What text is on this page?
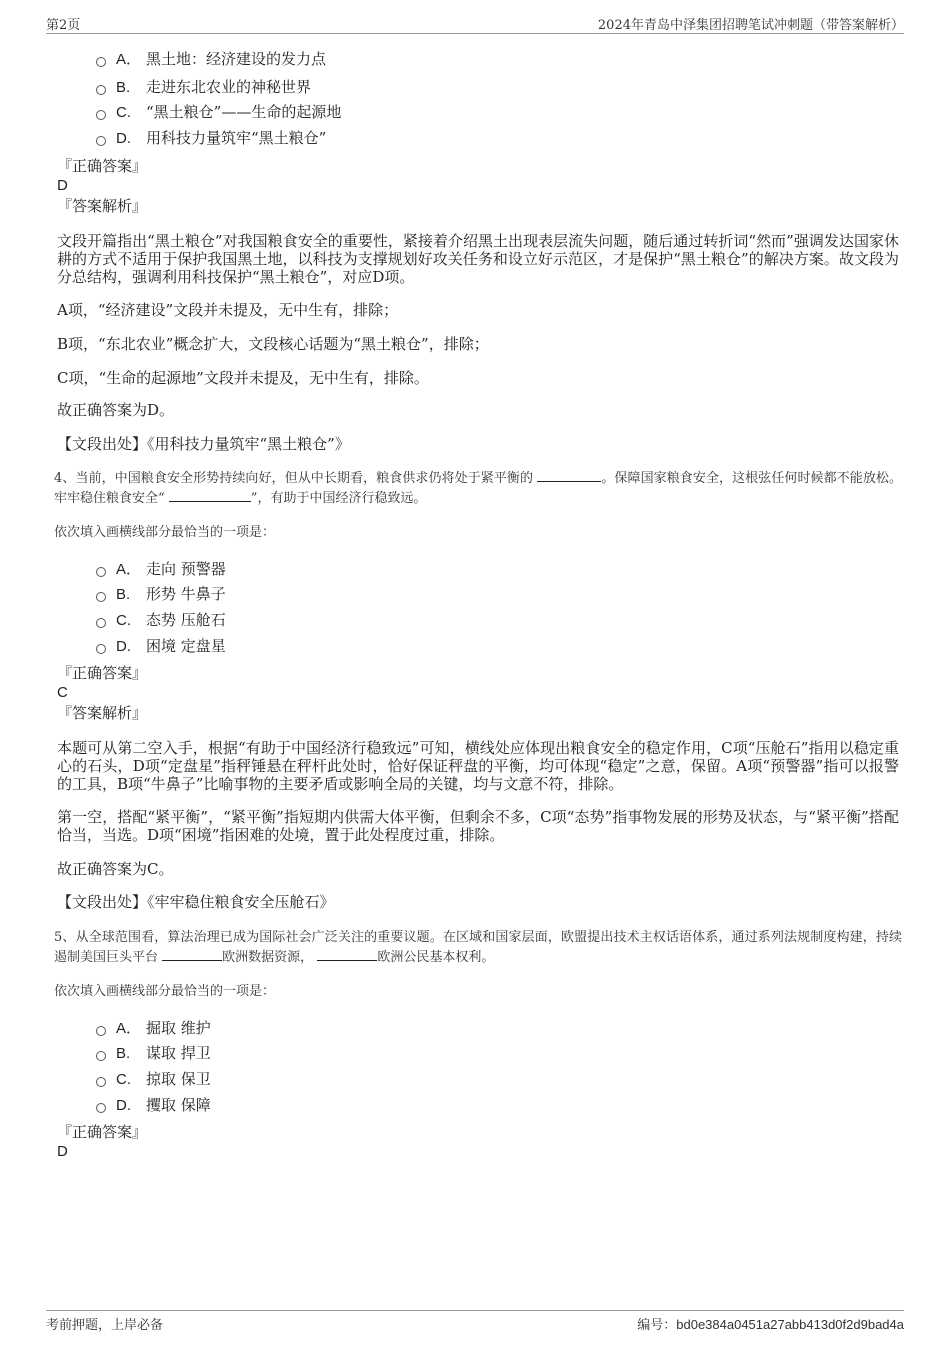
第2页	2024年青岛中泽集团招聘笔试冲刺题（带答案解析）
A． 黑土地：经济建设的发力点
B. 走进东北农业的神秘世界
C. “黑土粮仓”——生命的起源地
D. 用科技力量筑牢“黑土粮仓”
『正确答案』
D
『答案解析』
文段开篇指出“黑土粮仓”对我国粮食安全的重要性，紧接着介绍黑土出现表层流失问题，随后通过转折词“然而”强调发达国家休耕的方式不适用于保护我国黑土地，以科技为支撑规划好攻关任务和设立好示范区，才是保护“黑土粮仓”的解决方案。故文段为分总结构，强调利用科技保护“黑土粮仓”，对应D项。
A项，“经济建设”文段并未提及，无中生有，排除；
B项，“东北农业”概念扩大，文段核心话题为“黑土粮仓”，排除；
C项，“生命的起源地”文段并未提及，无中生有，排除。
故正确答案为D。
【文段出处】《用科技力量筑牢“黑土粮仓”》
4、当前，中国粮食安全形势持续向好，但从中长期看，粮食供求仍将处于紧平衡的	。保障国家粮食安全，这根弦任何时候都不能放松。牢牢稳住粮食安全“	”，有助于中国经济行稳致远。
依次填入画横线部分最恰当的一项是：
A． 走向 预警器
B. 形势 牛鼻子
C. 态势 压舱石
D. 困境 定盘星
『正确答案』
C
『答案解析』
本题可从第二空入手，根据“有助于中国经济行稳致远”可知，横线处应体现出粮食安全的稳定作用，C项“压舱石”指用以稳定重心的石头，D项“定盘星”指秤锤悬在秤杆此处时，恰好保证秤盘的平衡，均可体现“稳定”之意，保留。A项“预警器”指可以报警的工具，B项“牛鼻子”比喻事物的主要矛盾或影响全局的关键，均与文意不符，排除。
第一空，搭配“紧平衡”，“紧平衡”指短期内供需大体平衡，但剩余不多，C项“态势”指事物发展的形势及状态，与“紧平衡”搭配恰当，当选。D项“困境”指困难的处境，置于此处程度过重，排除。
故正确答案为C。
【文段出处】《牢牢稳住粮食安全压舱石》
5、从全球范围看，算法治理已成为国际社会广泛关注的重要议题。在区域和国家层面，欧盟提出技术主权话语体系，通过系列法规制度构建，持续遏制美国巨头平台	欧洲数据资源，	欧洲公民基本权利。
依次填入画横线部分最恰当的一项是：
A． 掘取 维护
B. 谋取 捍卫
C. 掠取 保卫
D. 攫取 保障
『正确答案』
D
考前押题，上岸必备	编号：bd0e384a0451a27abb413d0f2d9bad4a
